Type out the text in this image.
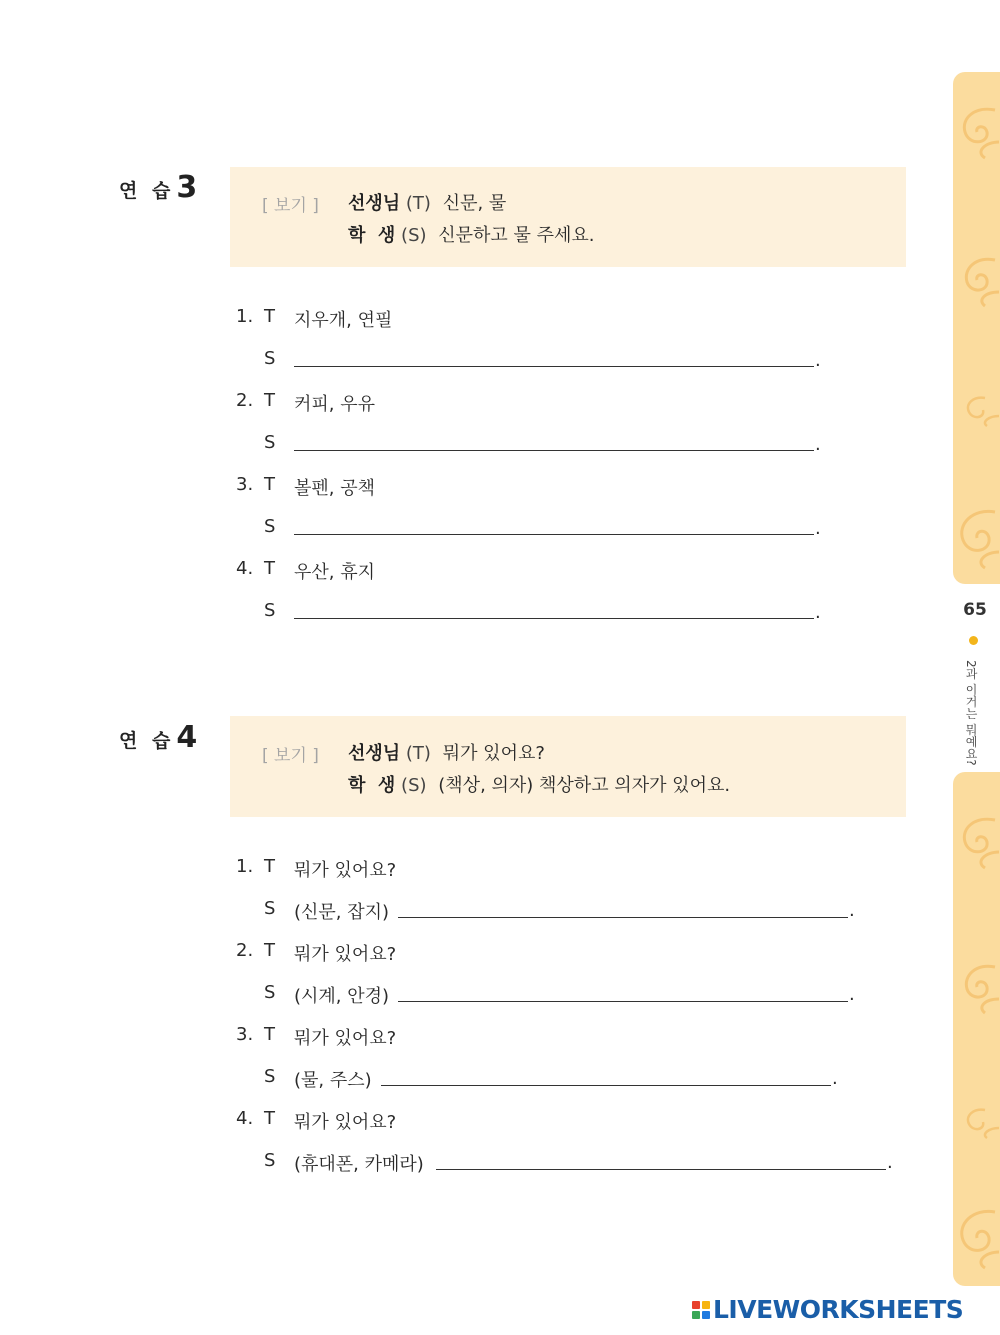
65
2과 이거는 뭐예요?
연 습3
[ 보기 ] 선생님 (T) 신문, 물
학  생 (S) 신문하고 물 주세요.
1. T 지우개, 연필
S	.
2. T 커피, 우유
S	.
3. T 볼펜, 공책
S	.
4. T 우산, 휴지
S	.
연 습4
[ 보기 ] 선생님 (T) 뭐가 있어요?
학  생 (S) (책상, 의자) 책상하고 의자가 있어요.
1. T 뭐가 있어요?
S (신문, 잡지)	.
2. T 뭐가 있어요?
S (시계, 안경)	.
3. T 뭐가 있어요?
S (물, 주스)	.
4. T 뭐가 있어요?
S (휴대폰, 카메라)	.
LIVEWORKSHEETS
